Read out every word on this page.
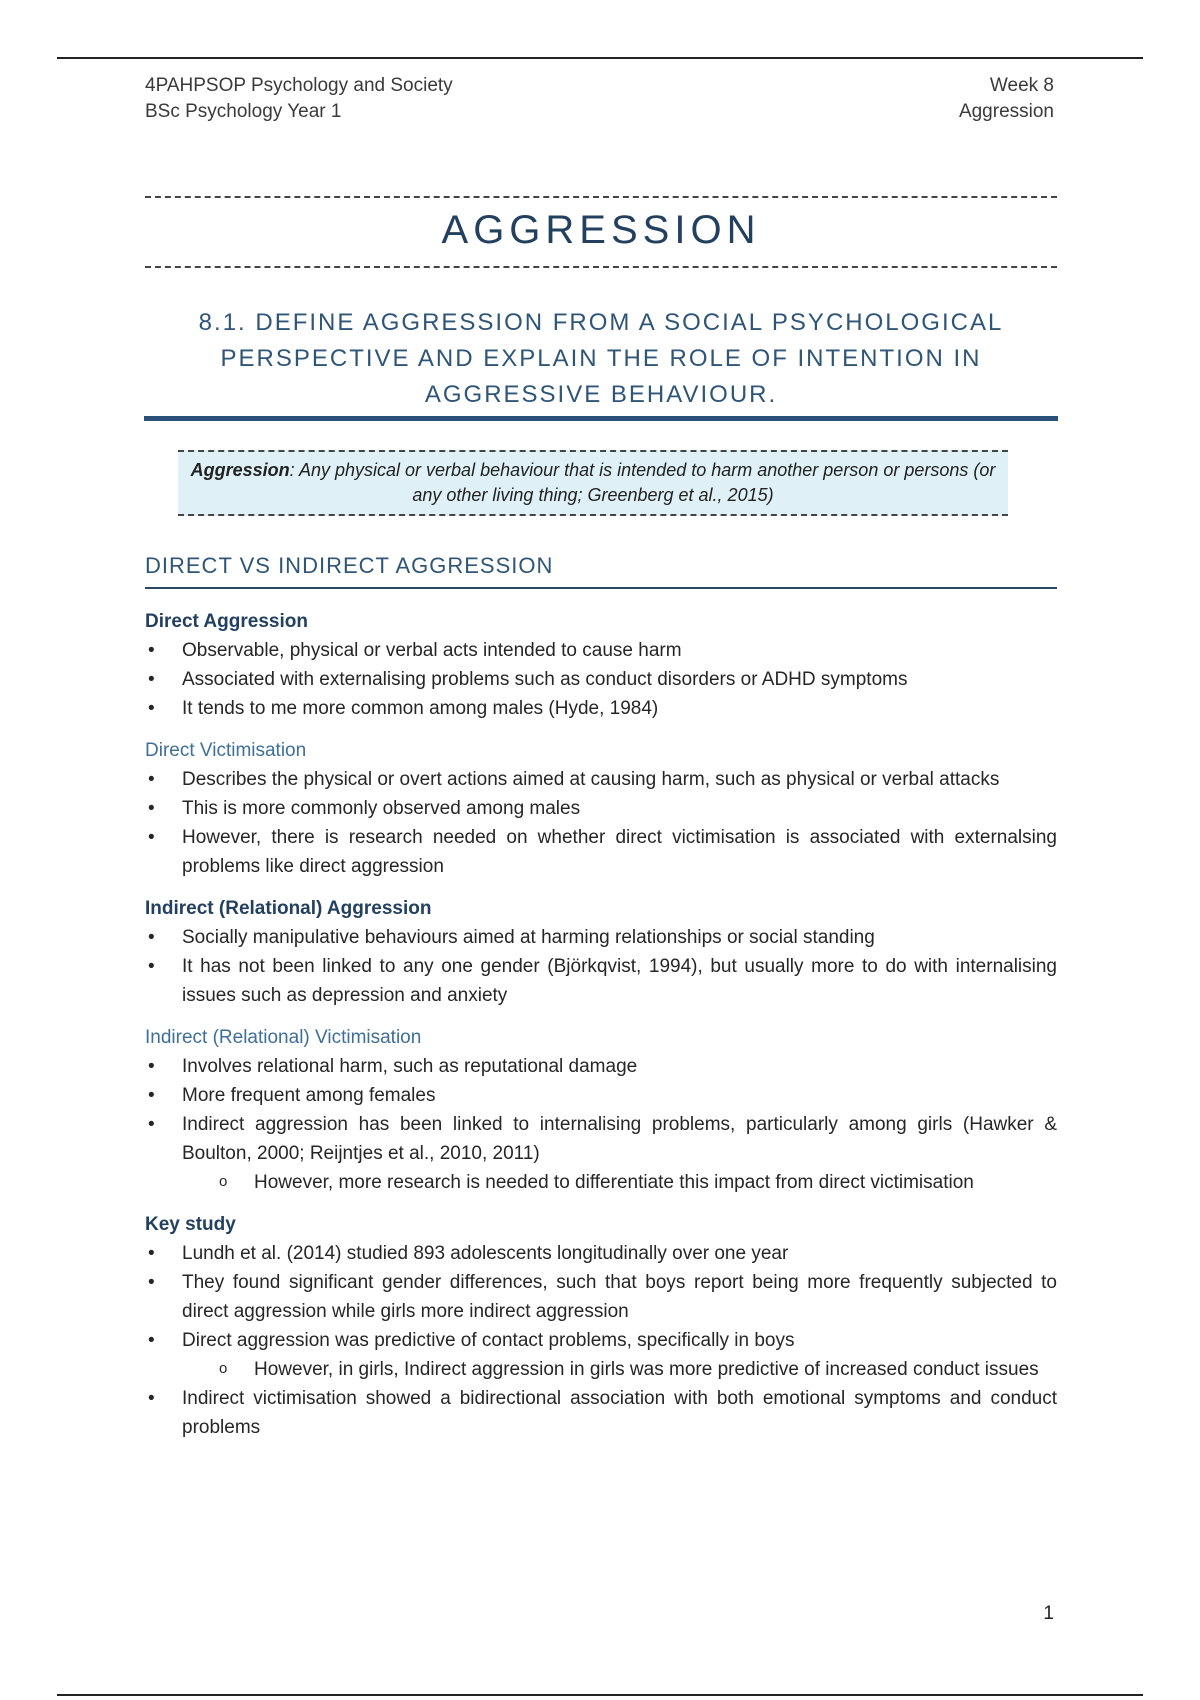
4PAHPSOP Psychology and Society
BSc Psychology Year 1
Week 8
Aggression
AGGRESSION
8.1. DEFINE AGGRESSION FROM A SOCIAL PSYCHOLOGICAL PERSPECTIVE AND EXPLAIN THE ROLE OF INTENTION IN AGGRESSIVE BEHAVIOUR.
Aggression: Any physical or verbal behaviour that is intended to harm another person or persons (or any other living thing; Greenberg et al., 2015)
DIRECT VS INDIRECT AGGRESSION

Direct Aggression

• Observable, physical or verbal acts intended to cause harm
• Associated with externalising problems such as conduct disorders or ADHD symptoms
• It tends to me more common among males (Hyde, 1984)

Direct Victimisation

• Describes the physical or overt actions aimed at causing harm, such as physical or verbal attacks
• This is more commonly observed among males
• However, there is research needed on whether direct victimisation is associated with externalsing problems like direct aggression

Indirect (Relational) Aggression

• Socially manipulative behaviours aimed at harming relationships or social standing
• It has not been linked to any one gender (Björkqvist, 1994), but usually more to do with internalising issues such as depression and anxiety

Indirect (Relational) Victimisation

• Involves relational harm, such as reputational damage
• More frequent among females
• Indirect aggression has been linked to internalising problems, particularly among girls (Hawker & Boulton, 2000; Reijntjes et al., 2010, 2011)
o However, more research is needed to differentiate this impact from direct victimisation

Key study

• Lundh et al. (2014) studied 893 adolescents longitudinally over one year
• They found significant gender differences, such that boys report being more frequently subjected to direct aggression while girls more indirect aggression
• Direct aggression was predictive of contact problems, specifically in boys
o However, in girls, Indirect aggression in girls was more predictive of increased conduct issues
• Indirect victimisation showed a bidirectional association with both emotional symptoms and conduct problems
1
